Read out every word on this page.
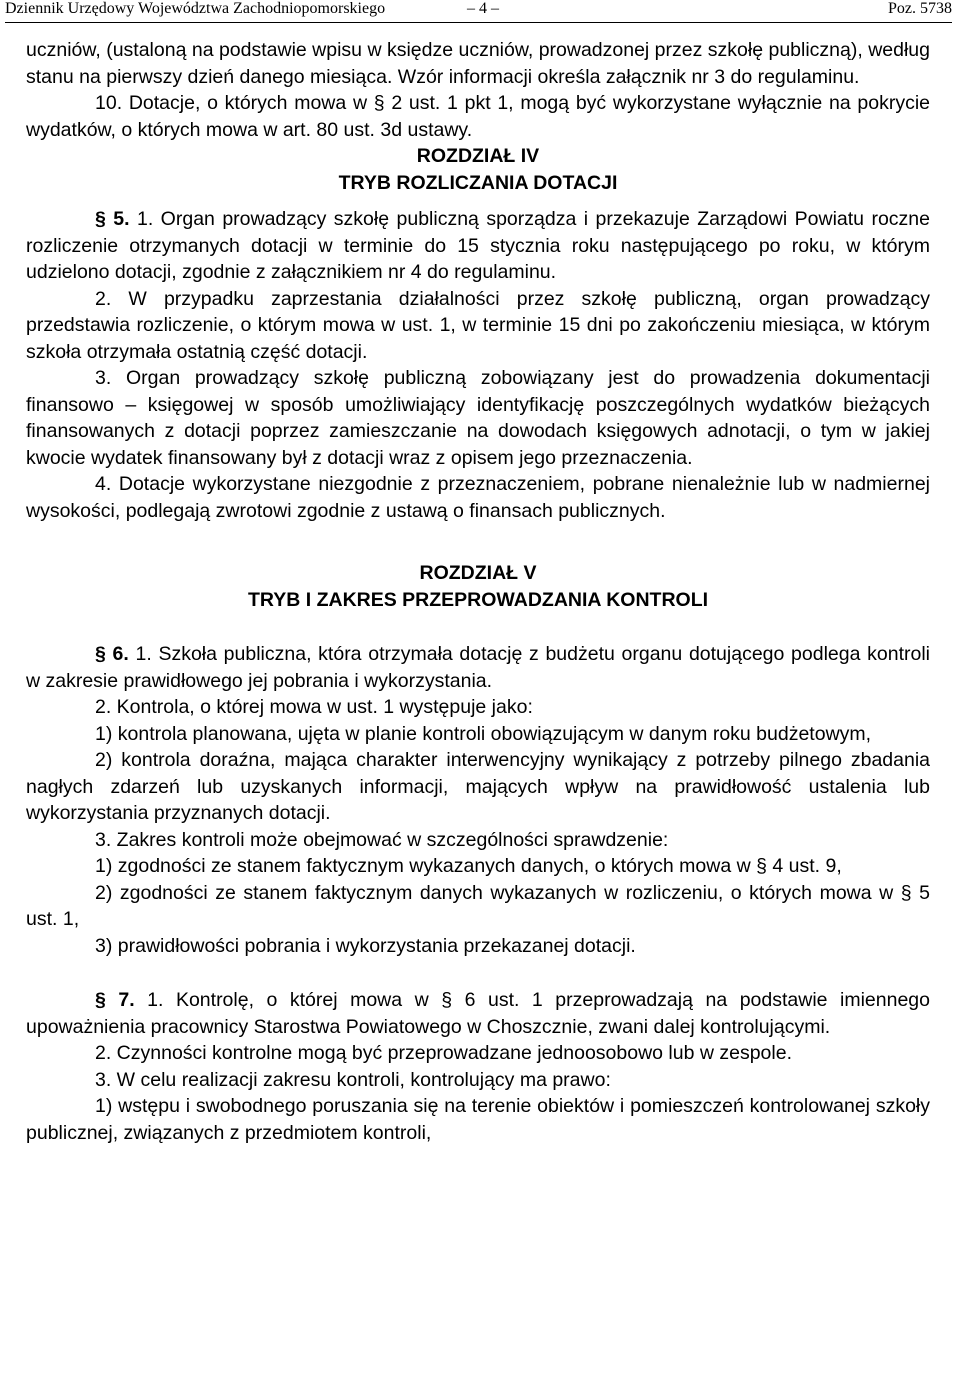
Dziennik Urzędowy Województwa Zachodniopomorskiego	– 4 –	Poz. 5738

uczniów, (ustaloną na podstawie wpisu w księdze uczniów, prowadzonej przez szkołę publiczną), według stanu na pierwszy dzień danego miesiąca. Wzór informacji określa załącznik nr 3 do regulaminu.

10. Dotacje, o których mowa w § 2 ust. 1 pkt 1, mogą być wykorzystane wyłącznie na pokrycie wydatków, o których mowa w art. 80 ust. 3d ustawy.

ROZDZIAŁ IV

TRYB ROZLICZANIA DOTACJI

§ 5. 1. Organ prowadzący szkołę publiczną sporządza i przekazuje Zarządowi Powiatu roczne rozliczenie otrzymanych dotacji w terminie do 15 stycznia roku następującego po roku, w którym udzielono dotacji, zgodnie z załącznikiem nr 4 do regulaminu.

2. W przypadku zaprzestania działalności przez szkołę publiczną, organ prowadzący przedstawia rozliczenie, o którym mowa w ust. 1, w terminie 15 dni po zakończeniu miesiąca, w którym szkoła otrzymała ostatnią część dotacji.

3. Organ prowadzący szkołę publiczną zobowiązany jest do prowadzenia dokumentacji finansowo – księgowej w sposób umożliwiający identyfikację poszczególnych wydatków bieżących finansowanych z dotacji poprzez zamieszczanie na dowodach księgowych adnotacji, o tym w jakiej kwocie wydatek finansowany był z dotacji wraz z opisem jego przeznaczenia.

4. Dotacje wykorzystane niezgodnie z przeznaczeniem, pobrane nienależnie lub w nadmiernej wysokości, podlegają zwrotowi zgodnie z ustawą o finansach publicznych.

ROZDZIAŁ V

TRYB I ZAKRES PRZEPROWADZANIA KONTROLI

§ 6. 1. Szkoła publiczna, która otrzymała dotację z budżetu organu dotującego podlega kontroli w zakresie prawidłowego jej pobrania i wykorzystania.

2. Kontrola, o której mowa w ust. 1 występuje jako:

1) kontrola planowana, ujęta w planie kontroli obowiązującym w danym roku budżetowym,

2) kontrola doraźna, mająca charakter interwencyjny wynikający z potrzeby pilnego zbadania nagłych zdarzeń lub uzyskanych informacji, mających wpływ na prawidłowość ustalenia lub wykorzystania przyznanych dotacji.

3. Zakres kontroli może obejmować w szczególności sprawdzenie:

1) zgodności ze stanem faktycznym wykazanych danych, o których mowa w § 4 ust. 9,

2) zgodności ze stanem faktycznym danych wykazanych w rozliczeniu, o których mowa w § 5 ust. 1,

3) prawidłowości pobrania i wykorzystania przekazanej dotacji.

§ 7. 1. Kontrolę, o której mowa w § 6 ust. 1 przeprowadzają na podstawie imiennego upoważnienia pracownicy Starostwa Powiatowego w Choszcznie, zwani dalej kontrolującymi.

2. Czynności kontrolne mogą być przeprowadzane jednoosobowo lub w zespole.

3. W celu realizacji zakresu kontroli, kontrolujący ma prawo:

1) wstępu i swobodnego poruszania się na terenie obiektów i pomieszczeń kontrolowanej szkoły publicznej, związanych z przedmiotem kontroli,
